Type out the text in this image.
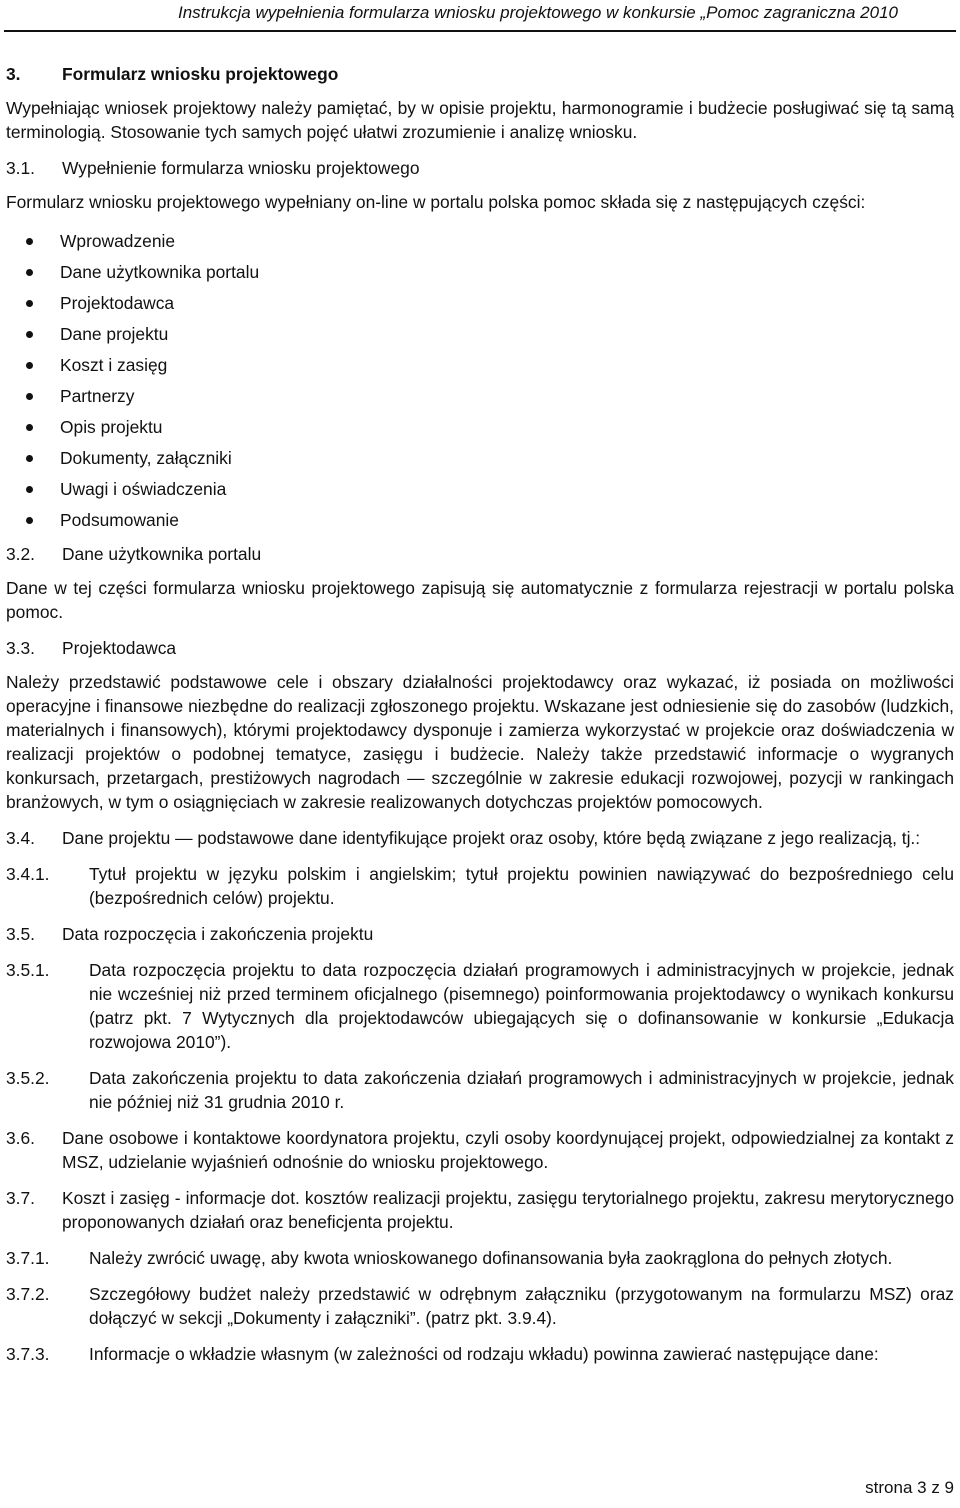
Instrukcja wypełnienia formularza wniosku projektowego w konkursie „Pomoc zagraniczna 2010
3.	Formularz wniosku projektowego

Wypełniając wniosek projektowy należy pamiętać, by w opisie projektu, harmonogramie i budżecie posługiwać się tą samą terminologią. Stosowanie tych samych pojęć ułatwi zrozumienie i analizę wniosku.

3.1.	Wypełnienie formularza wniosku projektowego

Formularz wniosku projektowego wypełniany on-line w portalu polska pomoc składa się z następujących części:

Wprowadzenie
Dane użytkownika portalu
Projektodawca
Dane projektu
Koszt i zasięg
Partnerzy
Opis projektu
Dokumenty, załączniki
Uwagi i oświadczenia
Podsumowanie
3.2.	Dane użytkownika portalu

Dane w tej części formularza wniosku projektowego zapisują się automatycznie z formularza rejestracji w portalu polska pomoc.

3.3.	Projektodawca

Należy przedstawić podstawowe cele i obszary działalności projektodawcy oraz wykazać, iż posiada on możliwości operacyjne i finansowe niezbędne do realizacji zgłoszonego projektu. Wskazane jest odniesienie się do zasobów (ludzkich, materialnych i finansowych), którymi projektodawcy dysponuje i zamierza wykorzystać w projekcie oraz doświadczenia w realizacji projektów o podobnej tematyce, zasięgu i budżecie. Należy także przedstawić informacje o wygranych konkursach, przetargach, prestiżowych nagrodach — szczególnie w zakresie edukacji rozwojowej, pozycji w rankingach branżowych, w tym o osiągnięciach w zakresie realizowanych dotychczas projektów pomocowych.

3.4.	Dane projektu — podstawowe dane identyfikujące projekt oraz osoby, które będą związane z jego realizacją, tj.:
3.4.1.	Tytuł projektu w języku polskim i angielskim; tytuł projektu powinien nawiązywać do bezpośredniego celu (bezpośrednich celów) projektu.
3.5.	Data rozpoczęcia i zakończenia projektu
3.5.1.	Data rozpoczęcia projektu to data rozpoczęcia działań programowych i administracyjnych w projekcie, jednak nie wcześniej niż przed terminem oficjalnego (pisemnego) poinformowania projektodawcy o wynikach konkursu (patrz pkt. 7 Wytycznych dla projektodawców ubiegających się o dofinansowanie w konkursie „Edukacja rozwojowa 2010”).
3.5.2.	Data zakończenia projektu to data zakończenia działań programowych i administracyjnych w projekcie, jednak nie później niż 31 grudnia 2010 r.
3.6.	Dane osobowe i kontaktowe koordynatora projektu, czyli osoby koordynującej projekt, odpowiedzialnej za kontakt z MSZ, udzielanie wyjaśnień odnośnie do wniosku projektowego.
3.7.	Koszt i zasięg - informacje dot. kosztów realizacji projektu, zasięgu terytorialnego projektu, zakresu merytorycznego proponowanych działań oraz beneficjenta projektu.
3.7.1.	Należy zwrócić uwagę, aby kwota wnioskowanego dofinansowania była zaokrąglona do pełnych złotych.
3.7.2.	Szczegółowy budżet należy przedstawić w odrębnym załączniku (przygotowanym na formularzu MSZ) oraz dołączyć w sekcji „Dokumenty i załączniki”. (patrz pkt. 3.9.4).
3.7.3.	Informacje o wkładzie własnym (w zależności od rodzaju wkładu) powinna zawierać następujące dane:
strona 3 z 9
